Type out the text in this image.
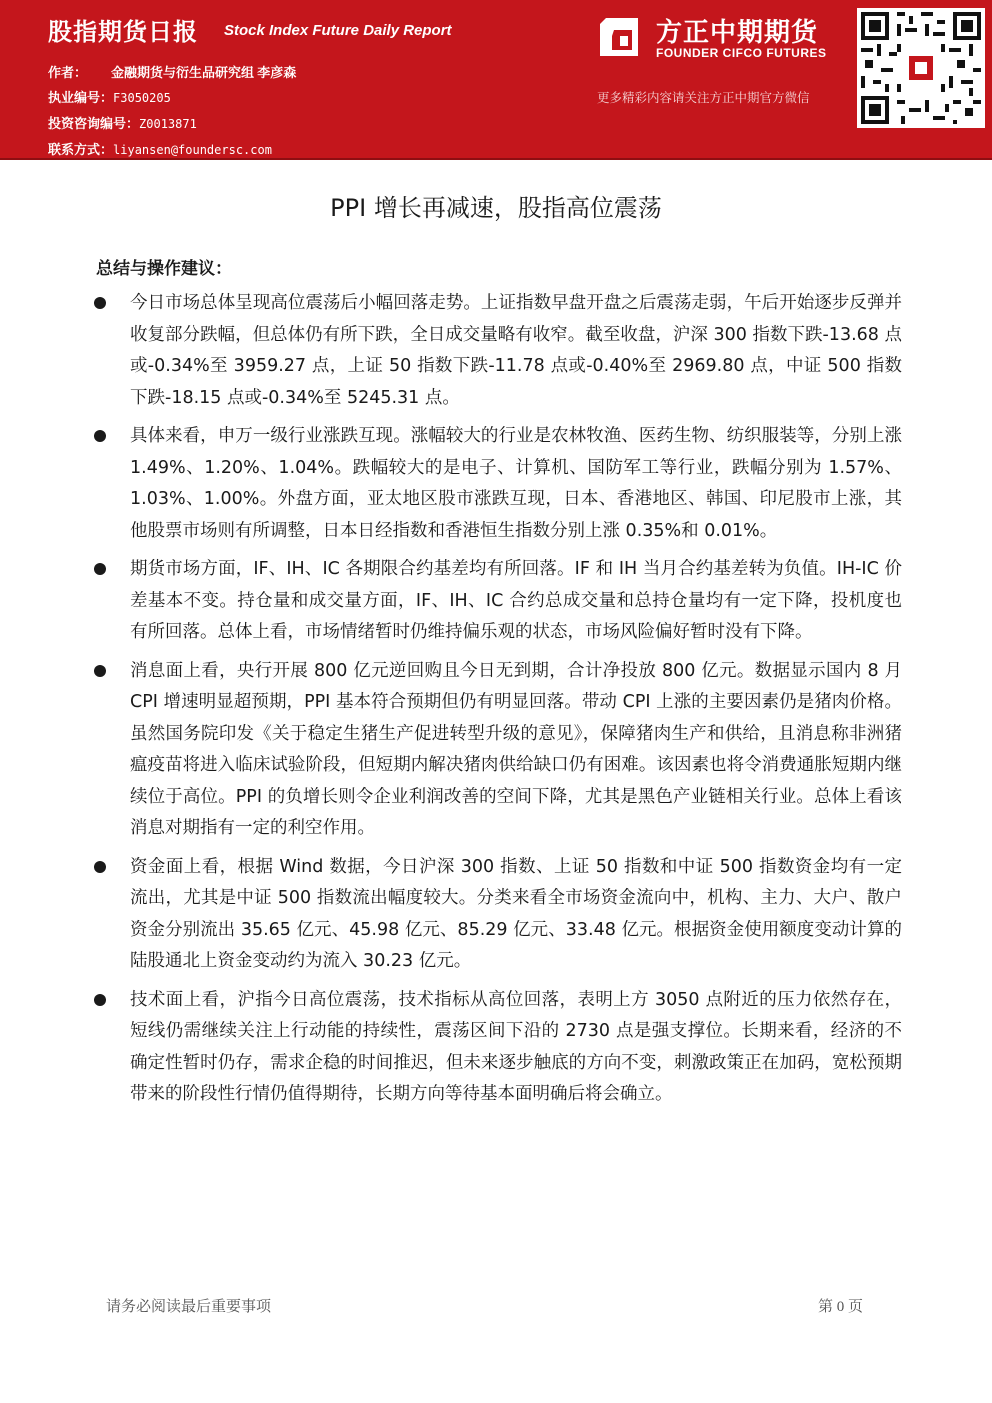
股指期货日报 Stock Index Future Daily Report
作者： 金融期货与衍生品研究组 李彦森
执业编号：F3050205
投资咨询编号：Z0013871
联系方式：liyansen@foundersc.com
方正中期期货
FOUNDER CIFCO FUTURES
更多精彩内容请关注方正中期官方微信
PPI 增长再减速，股指高位震荡
总结与操作建议：
今日市场总体呈现高位震荡后小幅回落走势。上证指数早盘开盘之后震荡走弱，午后开始逐步反弹并收复部分跌幅，但总体仍有所下跌，全日成交量略有收窄。截至收盘，沪深 300 指数下跌-13.68 点或-0.34%至 3959.27 点，上证 50 指数下跌-11.78 点或-0.40%至 2969.80 点，中证 500 指数下跌-18.15 点或-0.34%至 5245.31 点。
具体来看，申万一级行业涨跌互现。涨幅较大的行业是农林牧渔、医药生物、纺织服装等，分别上涨 1.49%、1.20%、1.04%。跌幅较大的是电子、计算机、国防军工等行业，跌幅分别为 1.57%、1.03%、1.00%。外盘方面，亚太地区股市涨跌互现，日本、香港地区、韩国、印尼股市上涨，其他股票市场则有所调整，日本日经指数和香港恒生指数分别上涨 0.35%和 0.01%。
期货市场方面，IF、IH、IC 各期限合约基差均有所回落。IF 和 IH 当月合约基差转为负值。IH-IC 价差基本不变。持仓量和成交量方面，IF、IH、IC 合约总成交量和总持仓量均有一定下降，投机度也有所回落。总体上看，市场情绪暂时仍维持偏乐观的状态，市场风险偏好暂时没有下降。
消息面上看，央行开展 800 亿元逆回购且今日无到期，合计净投放 800 亿元。数据显示国内 8 月 CPI 增速明显超预期，PPI 基本符合预期但仍有明显回落。带动 CPI 上涨的主要因素仍是猪肉价格。虽然国务院印发《关于稳定生猪生产促进转型升级的意见》，保障猪肉生产和供给，且消息称非洲猪瘟疫苗将进入临床试验阶段，但短期内解决猪肉供给缺口仍有困难。该因素也将令消费通胀短期内继续位于高位。PPI 的负增长则令企业利润改善的空间下降，尤其是黑色产业链相关行业。总体上看该消息对期指有一定的利空作用。
资金面上看，根据 Wind 数据，今日沪深 300 指数、上证 50 指数和中证 500 指数资金均有一定流出，尤其是中证 500 指数流出幅度较大。分类来看全市场资金流向中，机构、主力、大户、散户资金分别流出 35.65 亿元、45.98 亿元、85.29 亿元、33.48 亿元。根据资金使用额度变动计算的陆股通北上资金变动约为流入 30.23 亿元。
技术面上看，沪指今日高位震荡，技术指标从高位回落，表明上方 3050 点附近的压力依然存在，短线仍需继续关注上行动能的持续性，震荡区间下沿的 2730 点是强支撑位。长期来看，经济的不确定性暂时仍存，需求企稳的时间推迟，但未来逐步触底的方向不变，刺激政策正在加码，宽松预期带来的阶段性行情仍值得期待，长期方向等待基本面明确后将会确立。
请务必阅读最后重要事项	第 0 页
